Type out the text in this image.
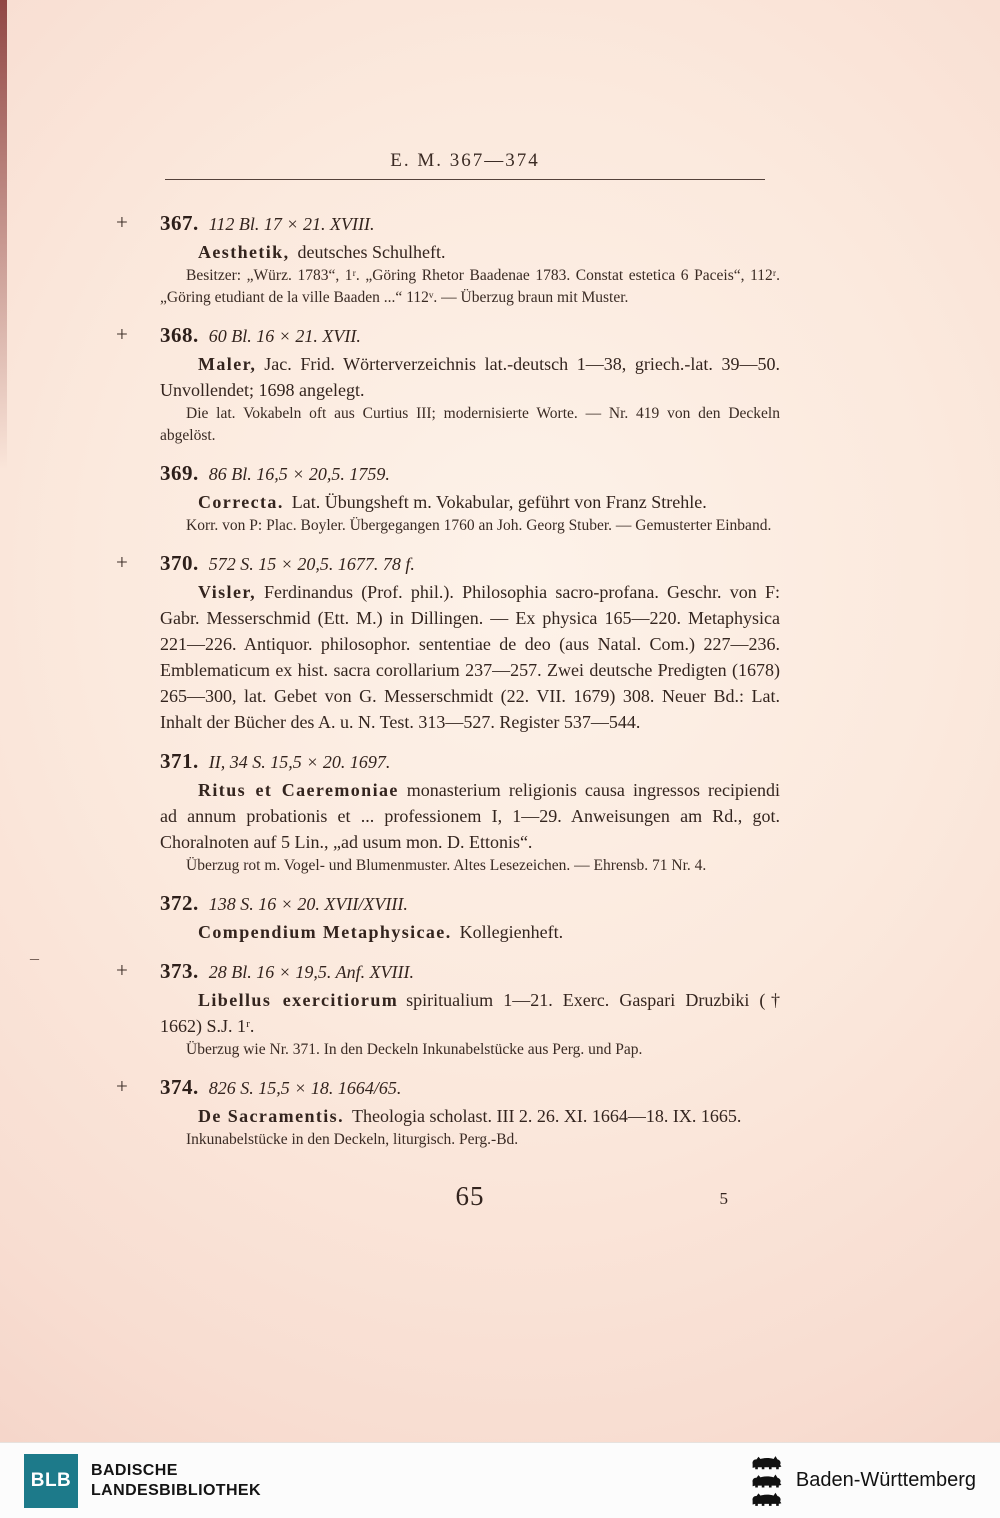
E. M. 367—374
+ 367. 112 Bl. 17 × 21. XVIII.

Aesthetik, deutsches Schulheft.

Besitzer: „Würz. 1783“, 1ʳ. „Göring Rhetor Baadenae 1783. Constat estetica 6 Paceis“, 112ʳ. „Göring etudiant de la ville Baaden ...“ 112ᵛ. — Überzug braun mit Muster.

+ 368. 60 Bl. 16 × 21. XVII.

Maler, Jac. Frid. Wörterverzeichnis lat.-deutsch 1—38, griech.-lat. 39—50. Unvollendet; 1698 angelegt.

Die lat. Vokabeln oft aus Curtius III; modernisierte Worte. — Nr. 419 von den Deckeln abgelöst.

369. 86 Bl. 16,5 × 20,5. 1759.

Correcta. Lat. Übungsheft m. Vokabular, geführt von Franz Strehle.

Korr. von P: Plac. Boyler. Übergegangen 1760 an Joh. Georg Stuber. — Gemusterter Einband.

+ 370. 572 S. 15 × 20,5. 1677. 78 f.

Visler, Ferdinandus (Prof. phil.). Philosophia sacro-profana. Geschr. von F: Gabr. Messerschmid (Ett. M.) in Dillingen. — Ex physica 165—220. Metaphysica 221—226. Antiquor. philosophor. sententiae de deo (aus Natal. Com.) 227—236. Emblematicum ex hist. sacra corollarium 237—257. Zwei deutsche Predigten (1678) 265—300, lat. Gebet von G. Messerschmidt (22. VII. 1679) 308. Neuer Bd.: Lat. Inhalt der Bücher des A. u. N. Test. 313—527. Register 537—544.

371. II, 34 S. 15,5 × 20. 1697.

Ritus et Caeremoniae monasterium religionis causa ingressos recipiendi ad annum probationis et ... professionem I, 1—29. Anweisungen am Rd., got. Choralnoten auf 5 Lin., „ad usum mon. D. Ettonis“.

Überzug rot m. Vogel- und Blumenmuster. Altes Lesezeichen. — Ehrensb. 71 Nr. 4.

372. 138 S. 16 × 20. XVII/XVIII.

Compendium Metaphysicae. Kollegienheft.

+ 373. 28 Bl. 16 × 19,5. Anf. XVIII.

Libellus exercitiorum spiritualium 1—21. Exerc. Gaspari Druzbiki († 1662) S.J. 1ʳ.

Überzug wie Nr. 371. In den Deckeln Inkunabelstücke aus Perg. und Pap.

+ 374. 826 S. 15,5 × 18. 1664/65.

De Sacramentis. Theologia scholast. III 2. 26. XI. 1664—18. IX. 1665.

Inkunabelstücke in den Deckeln, liturgisch. Perg.-Bd.

65	5
–
BLB	BADISCHE
LANDESBIBLIOTHEK	Baden-Württemberg
